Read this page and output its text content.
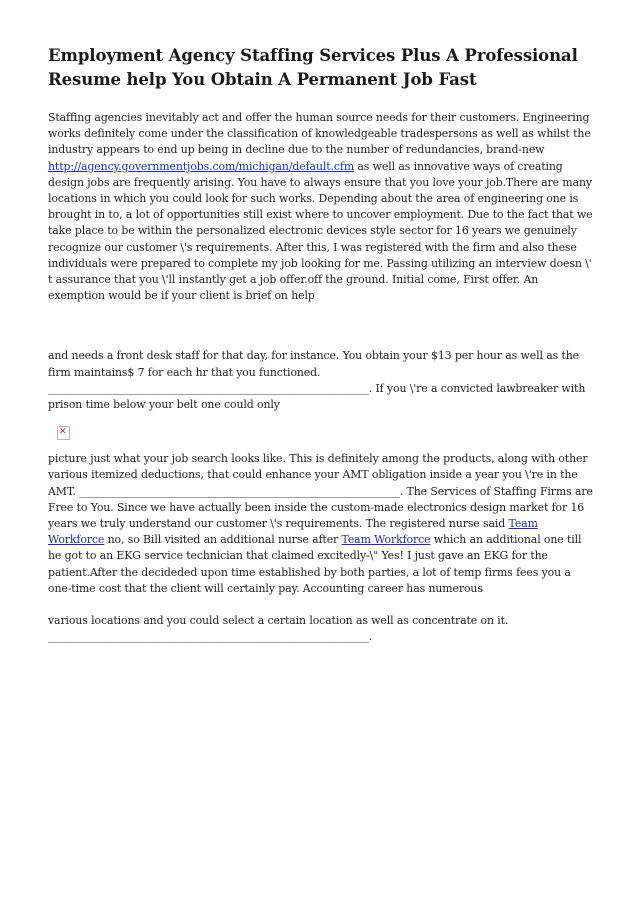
Employment Agency Staffing Services Plus A Professional Resume help You Obtain A Permanent Job Fast

Staffing agencies inevitably act and offer the human source needs for their customers. Engineering works definitely come under the classification of knowledgeable tradespersons as well as whilst the industry appears to end up being in decline due to the number of redundancies, brand-new http://agency.governmentjobs.com/michigan/default.cfm as well as innovative ways of creating design jobs are frequently arising. You have to always ensure that you love your job.There are many locations in which you could look for such works. Depending about the area of engineering one is brought in to, a lot of opportunities still exist where to uncover employment. Due to the fact that we take place to be within the personalized electronic devices style sector for 16 years we genuinely recognize our customer \'s requirements. After this, I was registered with the firm and also these individuals were prepared to complete my job looking for me. Passing utilizing an interview doesn \' t assurance that you \'ll instantly get a job offer.off the ground. Initial come, First offer. An exemption would be if your client is brief on help

and needs a front desk staff for that day, for instance. You obtain your $13 per hour as well as the firm maintains$ 7 for each hr that you functioned. ____________________________________________________________. If you \'re a convicted lawbreaker with prison time below your belt one could only

✕

picture just what your job search looks like. This is definitely among the products, along with other various itemized deductions, that could enhance your AMT obligation inside a year you \'re in the AMT. ____________________________________________________________. The Services of Staffing Firms are Free to You. Since we have actually been inside the custom-made electronics design market for 16 years we truly understand our customer \'s requirements. The registered nurse said Team Workforce no, so Bill visited an additional nurse after Team Workforce which an additional one till he got to an EKG service technician that claimed excitedly-\" Yes! I just gave an EKG for the patient.After the decideded upon time established by both parties, a lot of temp firms fees you a one-time cost that the client will certainly pay. Accounting career has numerous

various locations and you could select a certain location as well as concentrate on it. ____________________________________________________________.
